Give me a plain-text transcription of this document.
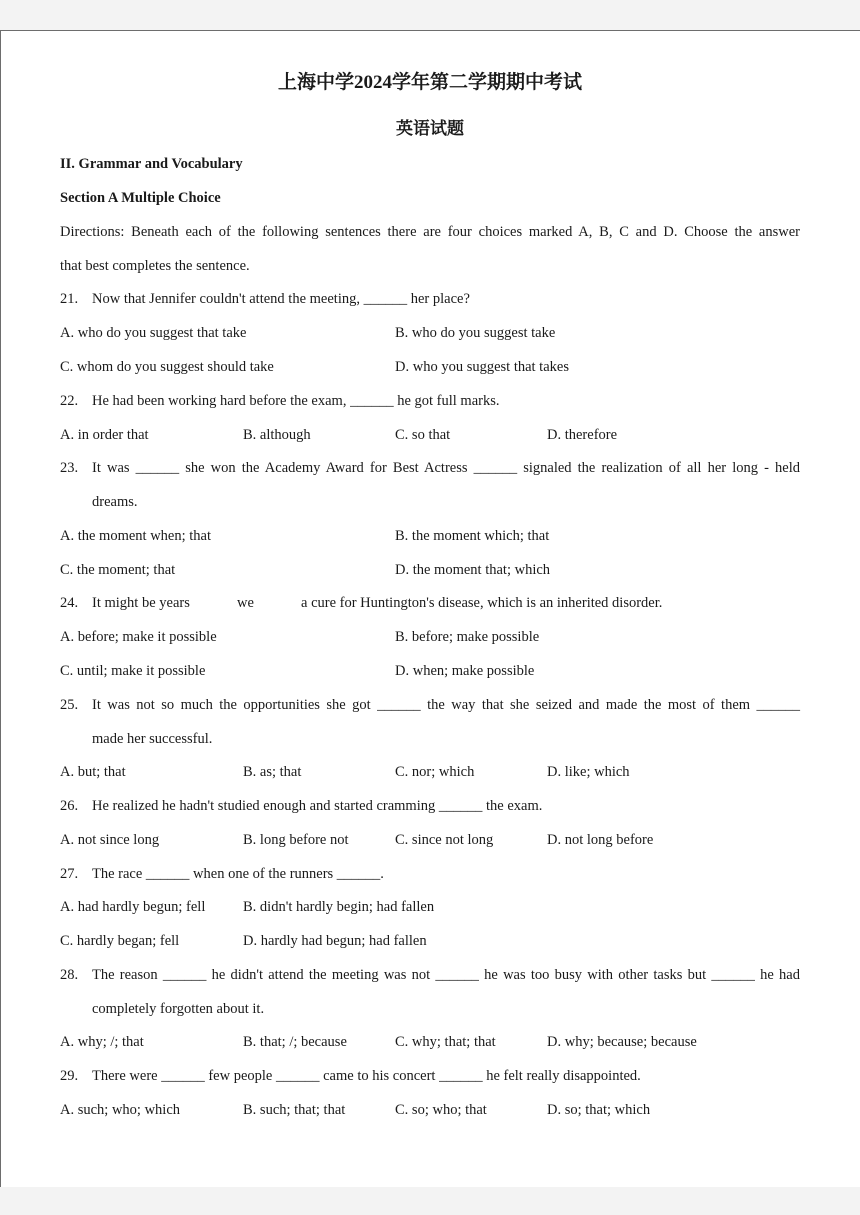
上海中学2024学年第二学期期中考试
英语试题
II. Grammar and Vocabulary
Section A Multiple Choice
Directions: Beneath each of the following sentences there are four choices marked A, B, C and D. Choose the answer
that best completes the sentence.
21. Now that Jennifer couldn't attend the meeting, ______ her place?
A. who do you suggest that take	B. who do you suggest take
C. whom do you suggest should take	D. who you suggest that takes
22. He had been working hard before the exam, ______ he got full marks.
A. in order that	B. although	C. so that	D. therefore
23. It was ______ she won the Academy Award for Best Actress ______ signaled the realization of all her long - held
dreams.
A. the moment when; that	B. the moment which; that
C. the moment; that	D. the moment that; which
24. It might be years             we             a cure for Huntington's disease, which is an inherited disorder.
A. before; make it possible	B. before; make possible
C. until; make it possible	D. when; make possible
25. It was not so much the opportunities she got ______ the way that she seized and made the most of them ______
made her successful.
A. but; that	B. as; that	C. nor; which	D. like; which
26. He realized he hadn't studied enough and started cramming ______ the exam.
A. not since long	B. long before not	C. since not long	D. not long before
27. The race ______ when one of the runners ______.
A. had hardly begun; fell	B. didn't hardly begin; had fallen
C. hardly began; fell	D. hardly had begun; had fallen
28. The reason ______ he didn't attend the meeting was not ______ he was too busy with other tasks but ______ he had
completely forgotten about it.
A. why; /; that	B. that; /; because	C. why; that; that	D. why; because; because
29. There were ______ few people ______ came to his concert ______ he felt really disappointed.
A. such; who; which	B. such; that; that	C. so; who; that	D. so; that; which
